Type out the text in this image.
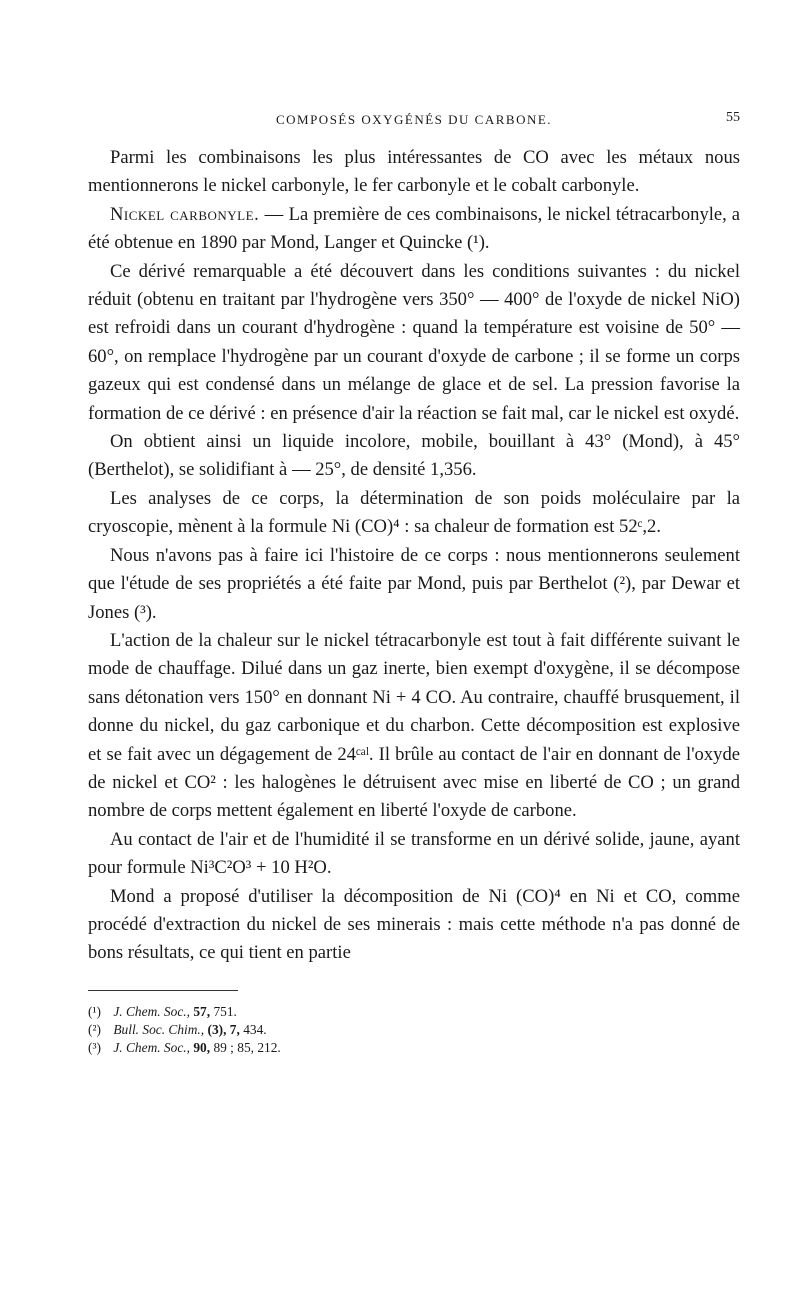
COMPOSÉS OXYGÉNÉS DU CARBONE.	55

Parmi les combinaisons les plus intéressantes de CO avec les métaux nous mentionnerons le nickel carbonyle, le fer carbonyle et le cobalt carbonyle.

Nickel carbonyle. — La première de ces combinaisons, le nickel tétracarbonyle, a été obtenue en 1890 par Mond, Langer et Quincke (¹).

Ce dérivé remarquable a été découvert dans les conditions suivantes : du nickel réduit (obtenu en traitant par l'hydrogène vers 350° — 400° de l'oxyde de nickel NiO) est refroidi dans un courant d'hydrogène : quand la température est voisine de 50° — 60°, on remplace l'hydrogène par un courant d'oxyde de carbone ; il se forme un corps gazeux qui est condensé dans un mélange de glace et de sel. La pression favorise la formation de ce dérivé : en présence d'air la réaction se fait mal, car le nickel est oxydé.

On obtient ainsi un liquide incolore, mobile, bouillant à 43° (Mond), à 45° (Berthelot), se solidifiant à — 25°, de densité 1,356.

Les analyses de ce corps, la détermination de son poids moléculaire par la cryoscopie, mènent à la formule Ni (CO)⁴ : sa chaleur de formation est 52ᶜ,2.

Nous n'avons pas à faire ici l'histoire de ce corps : nous mentionnerons seulement que l'étude de ses propriétés a été faite par Mond, puis par Berthelot (²), par Dewar et Jones (³).

L'action de la chaleur sur le nickel tétracarbonyle est tout à fait différente suivant le mode de chauffage. Dilué dans un gaz inerte, bien exempt d'oxygène, il se décompose sans détonation vers 150° en donnant Ni + 4 CO. Au contraire, chauffé brusquement, il donne du nickel, du gaz carbonique et du charbon. Cette décomposition est explosive et se fait avec un dégagement de 24ᶜᵃˡ. Il brûle au contact de l'air en donnant de l'oxyde de nickel et CO² : les halogènes le détruisent avec mise en liberté de CO ; un grand nombre de corps mettent également en liberté l'oxyde de carbone.

Au contact de l'air et de l'humidité il se transforme en un dérivé solide, jaune, ayant pour formule Ni³C²O³ + 10 H²O.

Mond a proposé d'utiliser la décomposition de Ni (CO)⁴ en Ni et CO, comme procédé d'extraction du nickel de ses minerais : mais cette méthode n'a pas donné de bons résultats, ce qui tient en partie

(¹) J. Chem. Soc., 57, 751.

(²) Bull. Soc. Chim., (3), 7, 434.

(³) J. Chem. Soc., 90, 89 ; 85, 212.
